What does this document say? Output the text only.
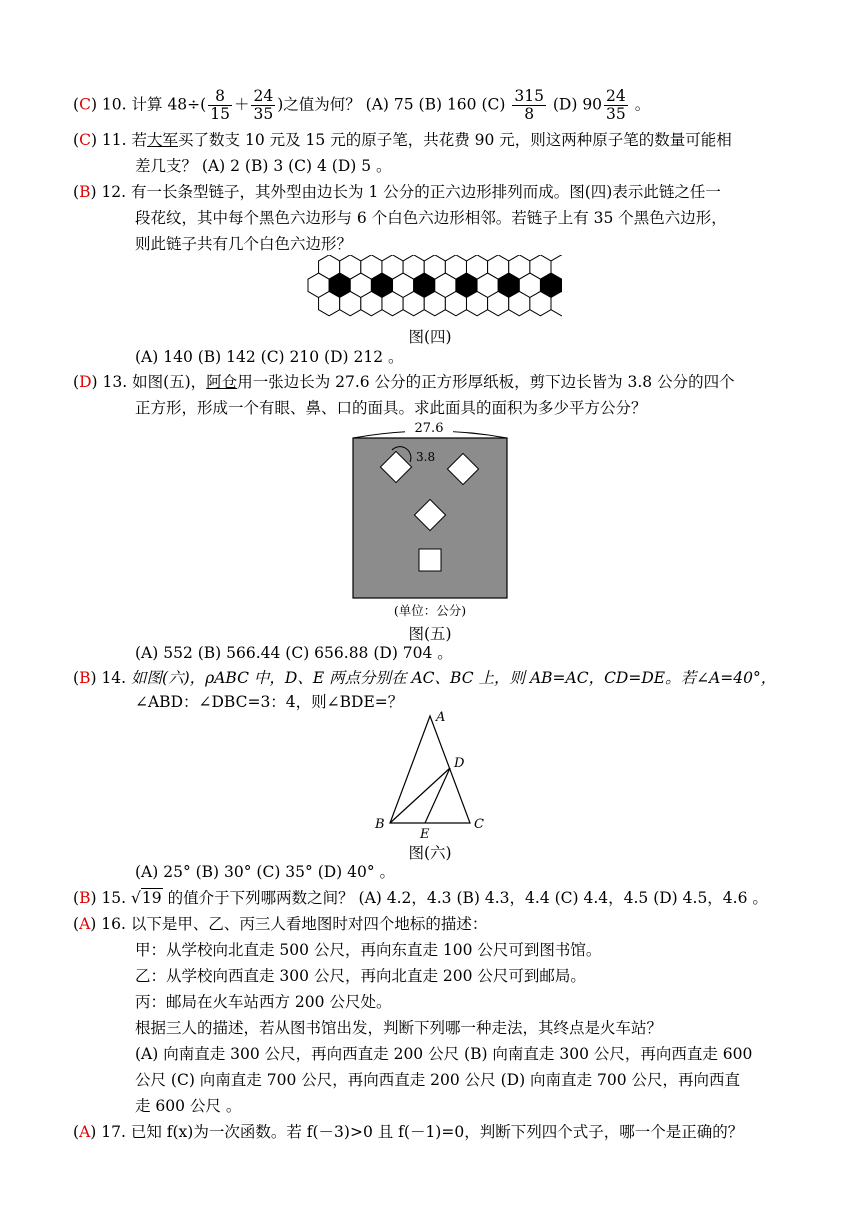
(C) 10. 计算 $48\div( \frac{8}{15} + \frac{24}{35}$ )之值为何？ (A) 75 (B) 160 $(C) \frac{315}{8} (D)$ $90 \frac{24}{35}$ 。
(C) 11. 若大军买了数支 10 元及 15 元的原子笔，共花费 90 元，则这两种原子笔的数量可能相
差几支？ (A) 2 (B) 3 (C) 4 (D) 5 。
(B) 12. 有一长条型链子，其外型由边长为 1 公分的正六边形排列而成。图(四)表示此链之任一
段花纹，其中每个黑色六边形与 6 个白色六边形相邻。若链子上有 35 个黑色六边形，
则此链子共有几个白色六边形？
图(四)
(A) 140 (B) 142 (C) 210 (D) 212 。
(D) 13. 如图(五)，阿仓用一张边长为 27.6 公分的正方形厚纸板，剪下边长皆为 3.8 公分的四个
正方形，形成一个有眼、鼻、口的面具。求此面具的面积为多少平方公分？
27.6
3.8
(单位：公分)
图(五)
(A) 552 (B) 566.44 (C) 656.88 (D) 704 。
(B) 14. 如图(六)，ρABC 中，D、E 两点分别在 AC、BC 上，则 AB=AC，CD=DE。若∠A=40°，
∠ABD：∠DBC=3：4，则∠BDE=？
A
B	C
D
E
图(六)
(A) 25° (B) 30° (C) 35° (D) 40° 。
(B) 15. √19 的值介于下列哪两数之间？ (A) 4.2，4.3 (B) 4.3，4.4 (C) 4.4，4.5 (D) 4.5，4.6 。
(A) 16. 以下是甲、乙、丙三人看地图时对四个地标的描述：
甲：从学校向北直走 500 公尺，再向东直走 100 公尺可到图书馆。
乙：从学校向西直走 300 公尺，再向北直走 200 公尺可到邮局。
丙：邮局在火车站西方 200 公尺处。
根据三人的描述，若从图书馆出发，判断下列哪一种走法，其终点是火车站？
(A) 向南直走 300 公尺，再向西直走 200 公尺 (B) 向南直走 300 公尺，再向西直走 600
公尺 (C) 向南直走 700 公尺，再向西直走 200 公尺 (D) 向南直走 700 公尺，再向西直
走 600 公尺 。
(A) 17. 已知 f(x)为一次函数。若 f(－3)>0 且 f(－1)=0，判断下列四个式子，哪一个是正确的？
